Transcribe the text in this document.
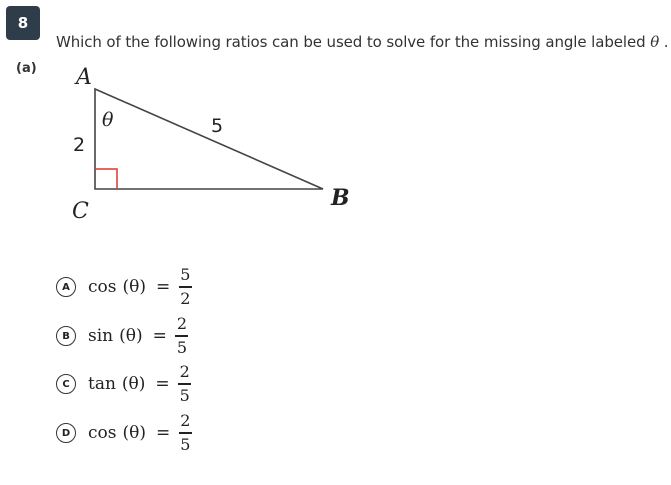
8
Which of the following ratios can be used to solve for the missing angle labeled θ .
(a) A
C
B
θ
2
5
A	$\cos (\theta) = \frac{5}{2}$
B	$\sin (\theta) = \frac{2}{5}$
C	$\tan (\theta) = \frac{2}{5}$
D	$\cos (\theta) = \frac{2}{5}$
